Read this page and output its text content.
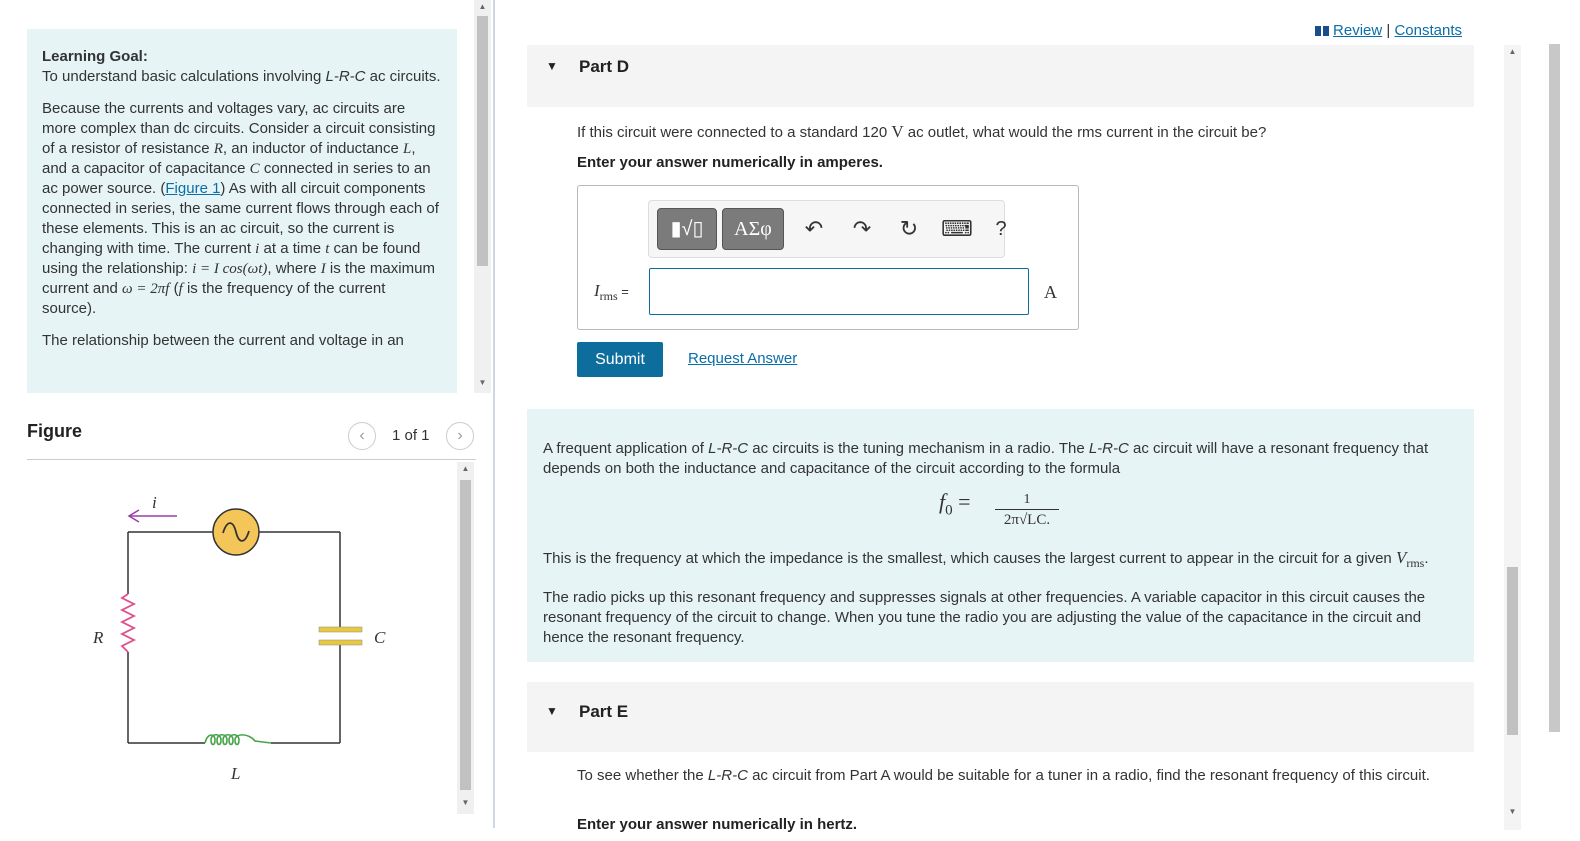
Learning Goal:
To understand basic calculations involving L-R-C ac circuits.

Because the currents and voltages vary, ac circuits are more complex than dc circuits. Consider a circuit consisting of a resistor of resistance R, an inductor of inductance L, and a capacitor of capacitance C connected in series to an ac power source. (Figure 1) As with all circuit components connected in series, the same current flows through each of these elements. This is an ac circuit, so the current is changing with time. The current i at a time t can be found using the relationship: i = I cos(ωt), where I is the maximum current and ω = 2πf (f is the frequency of the current source).

The relationship between the current and voltage in an

▲
▼
Figure	‹	1 of 1	›
i
R	C
L
▲
▼
Review | Constants
▼ Part D
If this circuit were connected to a standard 120 V ac outlet, what would the rms current in the circuit be?
Enter your answer numerically in amperes.
▮√▯	ΑΣφ	↶ ↷ ↻ ⌨ ?
$I_{rms}$ =	A
Submit	Request Answer
A frequent application of L-R-C ac circuits is the tuning mechanism in a radio. The L-R-C ac circuit will have a resonant frequency that depends on both the inductance and capacitance of the circuit according to the formula
$f_0$ =	1
2π√LC.
This is the frequency at which the impedance is the smallest, which causes the largest current to appear in the circuit for a given $V_{rms}$.
The radio picks up this resonant frequency and suppresses signals at other frequencies. A variable capacitor in this circuit causes the resonant frequency of the circuit to change. When you tune the radio you are adjusting the value of the capacitance in the circuit and hence the resonant frequency.
▼ Part E
To see whether the L-R-C ac circuit from Part A would be suitable for a tuner in a radio, find the resonant frequency of this circuit.
Enter your answer numerically in hertz.
▲
▼
